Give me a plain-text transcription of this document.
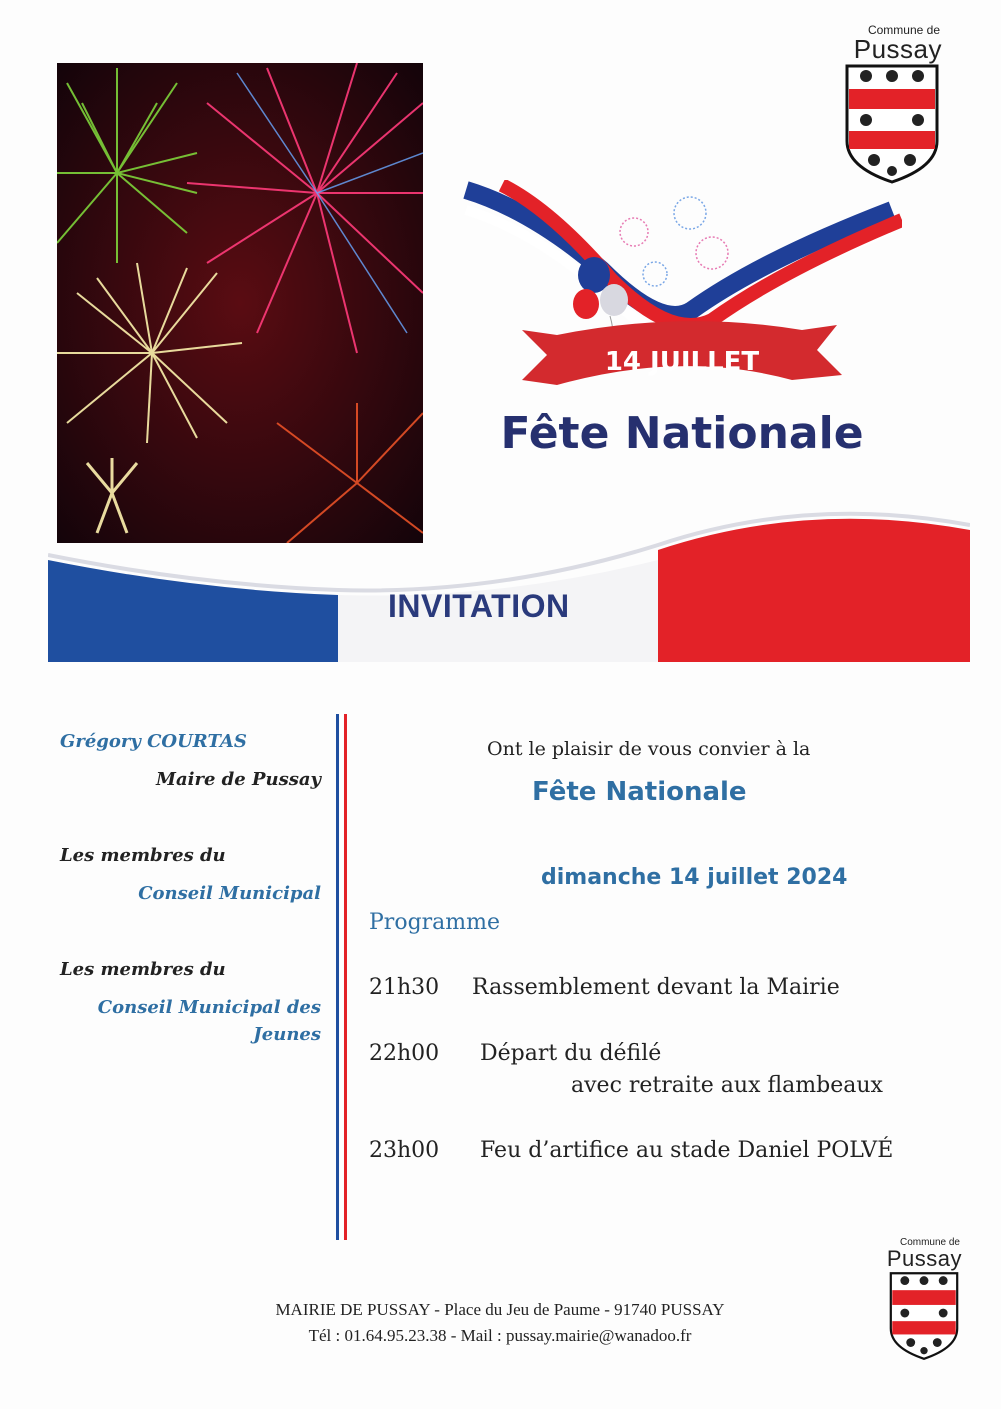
Commune de
Pussay
14 JUILLET
Fête Nationale
INVITATION
Grégory COURTAS
Maire de Pussay
Les membres du
Conseil Municipal
Les membres du
Conseil Municipal des
Jeunes
Ont le plaisir de vous convier à la
Fête Nationale
dimanche 14 juillet 2024
Programme
21h30 Rassemblement devant la Mairie
22h00 Départ du défilé
avec retraite aux flambeaux
23h00 Feu d’artifice au stade Daniel POLVÉ
Commune de
Pussay
MAIRIE DE PUSSAY - Place du Jeu de Paume - 91740 PUSSAY
Tél : 01.64.95.23.38 - Mail : pussay.mairie@wanadoo.fr
